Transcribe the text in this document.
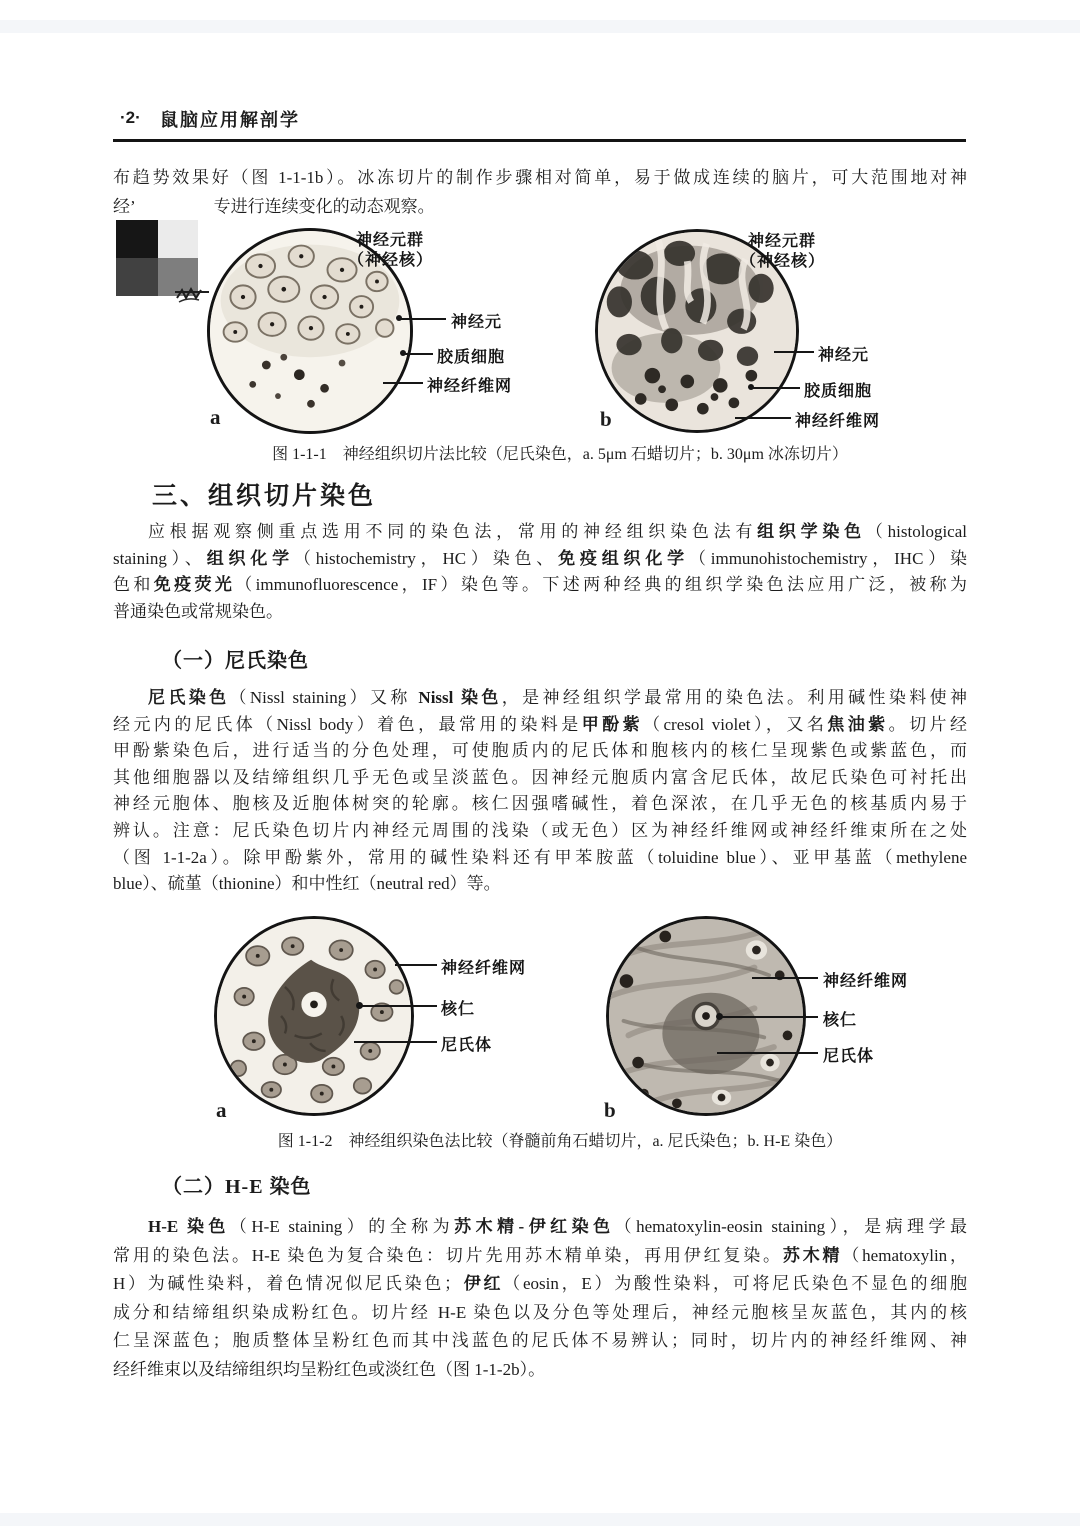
·2· 鼠脑应用解剖学
布趋势效果好（图 1-1-1b）。冰冻切片的制作步骤相对简单，易于做成连续的脑片，可大范围地对神
经’	专进行连续变化的动态观察。
神经元群
（神经核）
神经元
胶质细胞
神经纤维网
a
神经元群
（神经核）
神经元
胶质细胞
神经纤维网
b
图 1-1-1　神经组织切片法比较（尼氏染色，a. 5μm 石蜡切片；b. 30μm 冰冻切片）
三、组织切片染色
应根据观察侧重点选用不同的染色法，常用的神经组织染色法有组织学染色（histological
staining）、组织化学（histochemistry，HC）染色、免疫组织化学（immunohistochemistry，IHC）染
色和免疫荧光（immunofluorescence，IF）染色等。下述两种经典的组织学染色法应用广泛，被称为
普通染色或常规染色。
（一）尼氏染色
尼氏染色（Nissl staining）又称 Nissl 染色，是神经组织学最常用的染色法。利用碱性染料使神
经元内的尼氏体（Nissl body）着色，最常用的染料是甲酚紫（cresol violet），又名焦油紫。切片经
甲酚紫染色后，进行适当的分色处理，可使胞质内的尼氏体和胞核内的核仁呈现紫色或紫蓝色，而
其他细胞器以及结缔组织几乎无色或呈淡蓝色。因神经元胞质内富含尼氏体，故尼氏染色可衬托出
神经元胞体、胞核及近胞体树突的轮廓。核仁因强嗜碱性，着色深浓，在几乎无色的核基质内易于
辨认。注意：尼氏染色切片内神经元周围的浅染（或无色）区为神经纤维网或神经纤维束所在之处
（图 1-1-2a）。除甲酚紫外，常用的碱性染料还有甲苯胺蓝（toluidine blue）、亚甲基蓝（methylene
blue）、硫堇（thionine）和中性红（neutral red）等。
神经纤维网
核仁
尼氏体
a
神经纤维网
核仁
尼氏体
b
图 1-1-2　神经组织染色法比较（脊髓前角石蜡切片，a. 尼氏染色；b. H-E 染色）
（二）H-E 染色
H-E 染色（H-E staining）的全称为苏木精-伊红染色（hematoxylin-eosin staining），是病理学最
常用的染色法。H-E 染色为复合染色：切片先用苏木精单染，再用伊红复染。苏木精（hematoxylin，
H）为碱性染料，着色情况似尼氏染色；伊红（eosin，E）为酸性染料，可将尼氏染色不显色的细胞
成分和结缔组织染成粉红色。切片经 H-E 染色以及分色等处理后，神经元胞核呈灰蓝色，其内的核
仁呈深蓝色；胞质整体呈粉红色而其中浅蓝色的尼氏体不易辨认；同时，切片内的神经纤维网、神
经纤维束以及结缔组织均呈粉红色或淡红色（图 1-1-2b）。
